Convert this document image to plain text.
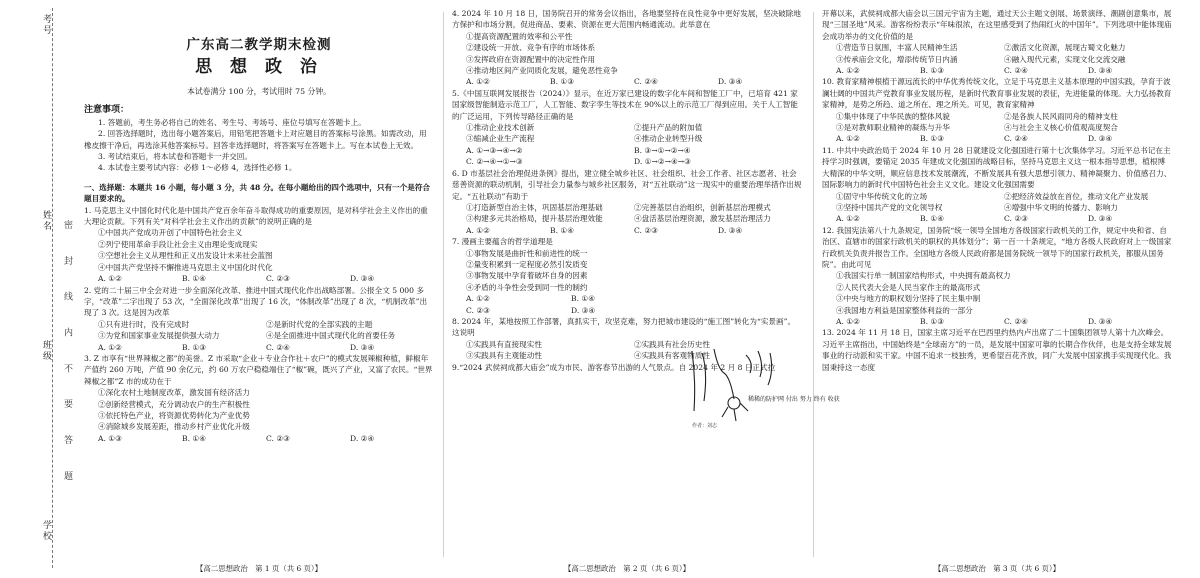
考号
姓名
班级
学校
密 封 线 内 不 要 答 题

广东高二教学期末检测

思 想 政 治

本试卷满分 100 分，考试用时 75 分钟。

注意事项：

1. 答题前，考生务必将自己的姓名、考生号、考场号、座位号填写在答题卡上。

2. 回答选择题时，选出每小题答案后，用铅笔把答题卡上对应题目的答案标号涂黑。如需改动，用橡皮擦干净后，再选涂其他答案标号。回答非选择题时，将答案写在答题卡上。写在本试卷上无效。

3. 考试结束后，将本试卷和答题卡一并交回。

4. 本试卷主要考试内容：必修 1～必修 4，选择性必修 1。

一、选择题：本题共 16 小题，每小题 3 分，共 48 分。在每小题给出的四个选项中，只有一个是符合题目要求的。

1. 马克思主义中国化时代化是中国共产党百余年奋斗取得成功的重要原因，是对科学社会主义作出的重大理论贡献。下列有关“对科学社会主义作出的贡献”的说明正确的是

①中国共产党成功开创了中国特色社会主义

②列宁使用革命手段让社会主义由理论变成现实

③空想社会主义从理性和正义出发设计未来社会蓝图

④中国共产党坚持不懈推进马克思主义中国化时代化

A. ①②	B. ①④	C. ②③	D. ③④

2. 党的二十届三中全会对进一步全面深化改革、推进中国式现代化作出战略部署。公报全文 5 000 多字，“改革”二字出现了 53 次，“全面深化改革”出现了 16 次，“体制改革”出现了 8 次，“机制改革”出现了 3 次。这是因为改革

①只有进行时，没有完成时	②是新时代党的全部实践的主题
③为党和国家事业发展提供强大动力	④是全面推进中国式现代化的首要任务
A. ①②	B. ①③	C. ②④	D. ③④

3. Z 市享有“世界辣椒之都”的美誉。Z 市采取“企业＋专业合作社＋农户”的模式发展辣椒种植，鲜椒年产值约 260 万吨，产值 90 余亿元，约 60 万农户稳稳端住了“椒”碗，既兴了产业，又富了农民。“世界辣椒之都”Z 市的成功在于

①深化农村土地制度改革，激发国有经济活力

②创新经营模式，充分调动农户的生产积极性

③依托特色产业，将资源优势转化为产业优势

④消除城乡发展差距，推动乡村产业优化升级

A. ①③	B. ①④	C. ②③	D. ②④

4. 2024 年 10 月 18 日，国务院召开的常务会议指出，各地要坚持在良性竞争中更好发展，坚决破除地方保护和市场分割，促进商品、要素、资源在更大范围内畅通流动。此举意在

①提高资源配置的效率和公平性

②建设统一开放、竞争有序的市场体系

③发挥政府在资源配置中的决定性作用

④推动地区间产业同质化发展，避免恶性竞争

A. ①②	B. ①③	C. ②④	D. ③④

5.《中国互联网发展报告（2024）》显示，在近万家已建设的数字化车间和智能工厂中，已培育 421 家国家级智能制造示范工厂，人工智能、数字孪生等技术在 90%以上的示范工厂得到应用。关于人工智能的广泛运用，下列传导路径正确的是

①推动企业技术创新	②提升产品的附加值
③缩减企业生产流程	④推动企业转型升级
A. ①→③→④→②	B. ③→①→②→④
C. ②→④→①→③	D. ①→②→④→③

6. D 市基层社会治理促进条例》提出，建立健全城乡社区、社会组织、社会工作者、社区志愿者、社会慈善资源的联动机制，引导社会力量参与城乡社区服务，对“五社联动”这一现实中的重要治理举措作出规定。“五社联动”有助于

①打造新型自治主体，巩固基层治理基础	②完善基层自治组织，创新基层治理模式
③构建多元共治格局，提升基层治理效能	④盘活基层治理资源，激发基层治理活力
A. ①②	B. ①④	C. ②③	D. ③④

7. 漫画主要蕴含的哲学道理是

①事物发展是曲折性和前进性的统一

②量变积累到一定程度必然引发质变

③事物发展中孕育着破坏自身的因素

④矛盾的斗争性会受到同一性的制约

A. ①②	B. ①④
C. ②③	D. ③④

8. 2024 年，某地按照工作部署，真抓实干，攻坚克难，努力把城市建设的“施工图”转化为“实景画”。这说明

①实践具有直接现实性	②实践具有社会历史性
③实践具有主观能动性	④实践具有客观物质性

9.“2024 武侯祠成都大庙会”成为市民、游客春节出游的人气景点。自 2024 年 2 月 8 日正式拉

稀稀的防护网 付出 努力 终有 收获
作者：刘志

开幕以来，武侯祠成都大庙会以三国元宇宙为主题，通过天公主题文创展、场景演绎、潮剧创意集市，展现“三国圣地”风采。游客纷纷表示“年味很浓，在这里感受到了热闹红火的中国年”。下列选项中能体现庙会成功举办的文化价值的是

①营造节日氛围，丰富人民精神生活	②激活文化资源，展现古蜀文化魅力
③传承庙会文化，增添传统节日内涵	④融入现代元素，实现文化交流交融
A. ①②	B. ①③	C. ②④	D. ③④

10. 教育家精神根植于源远流长的中华优秀传统文化，立足于马克思主义基本原理的中国实践，孕育于波澜壮阔的中国共产党教育事业发展历程，是新时代教育事业发展的表征，先进能量的体现。大力弘扬教育家精神，是势之所趋、道之所在、理之所关。可见，教育家精神

①集中体现了中华民族的整体风貌	②是各族人民风雨同舟的精神支柱
③是对教师职业精神的凝炼与升华	④与社会主义核心价值观高度契合
A. ①②	B. ①③	C. ②④	D. ③④

11. 中共中央政治局于 2024 年 10 月 28 日就建设文化强国进行第十七次集体学习。习近平总书记在主持学习时强调，要锚定 2035 年建成文化强国的战略目标，坚持马克思主义这一根本指导思想，植根博大精深的中华文明，顺应信息技术发展潮流，不断发展具有强大思想引领力、精神凝聚力、价值感召力、国际影响力的新时代中国特色社会主义文化。建设文化强国需要

①固守中华传统文化的立场	②把经济效益放在首位，推动文化产业发展
③坚持中国共产党的文化领导权	④增强中华文明的传播力、影响力
A. ①②	B. ①④	C. ②③	D. ③④

12. 我国宪法第八十九条规定，国务院“统一领导全国地方各级国家行政机关的工作，规定中央和省、自治区、直辖市的国家行政机关的职权的具体划分”；第一百一十条规定，“地方各级人民政府对上一级国家行政机关负责并报告工作。全国地方各级人民政府都是国务院统一领导下的国家行政机关，都服从国务院”。由此可见

①我国实行单一制国家结构形式，中央拥有最高权力

②人民代表大会是人民当家作主的最高形式

③中央与地方的职权划分坚持了民主集中制

④我国地方利益是国家整体利益的一部分

A. ①②	B. ①③	C. ②④	D. ③④

13. 2024 年 11 月 18 日，国家主席习近平在巴西里约热内卢出席了二十国集团领导人第十九次峰会。习近平主席指出，中国始终是“全球南方”的一员，是发展中国家可靠的长期合作伙伴，也是支持全球发展事业的行动派和实干家。中国不追求一枝独秀，更希望百花齐放，同广大发展中国家携手实现现代化。我国秉持这一态度

【高二思想政治　第 1 页（共 6 页）】	【高二思想政治　第 2 页（共 6 页）】	【高二思想政治　第 3 页（共 6 页）】
